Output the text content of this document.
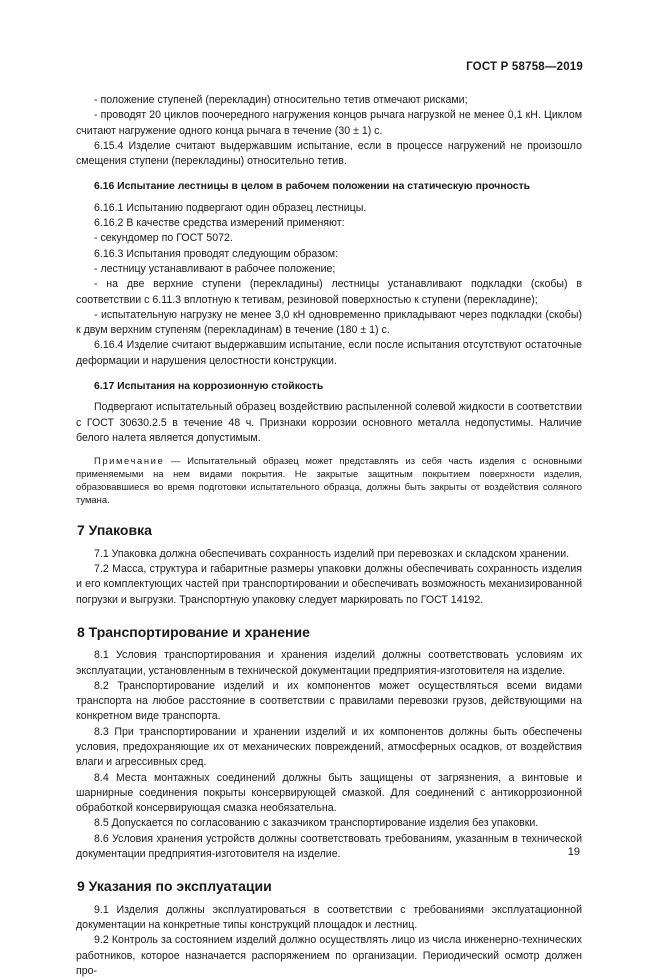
ГОСТ Р 58758—2019

- положение ступеней (перекладин) относительно тетив отмечают рисками;

- проводят 20 циклов поочередного нагружения концов рычага нагрузкой не менее 0,1 кН. Циклом считают нагружение одного конца рычага в течение (30 ± 1) с.

6.15.4 Изделие считают выдержавшим испытание, если в процессе нагружений не произошло смещения ступени (перекладины) относительно тетив.

6.16 Испытание лестницы в целом в рабочем положении на статическую прочность

6.16.1 Испытанию подвергают один образец лестницы.

6.16.2 В качестве средства измерений применяют:

- секундомер по ГОСТ 5072.

6.16.3 Испытания проводят следующим образом:

- лестницу устанавливают в рабочее положение;

- на две верхние ступени (перекладины) лестницы устанавливают подкладки (скобы) в соответствии с 6.11.3 вплотную к тетивам, резиновой поверхностью к ступени (перекладине);

- испытательную нагрузку не менее 3,0 кН одновременно прикладывают через подкладки (скобы) к двум верхним ступеням (перекладинам) в течение (180 ± 1) с.

6.16.4 Изделие считают выдержавшим испытание, если после испытания отсутствуют остаточные деформации и нарушения целостности конструкции.

6.17 Испытания на коррозионную стойкость

Подвергают испытательный образец воздействию распыленной солевой жидкости в соответствии с ГОСТ 30630.2.5 в течение 48 ч. Признаки коррозии основного металла недопустимы. Наличие белого налета является допустимым.

Примечание — Испытательный образец может представлять из себя часть изделия с основными применяемыми на нем видами покрытия. Не закрытые защитным покрытием поверхности изделия, образовавшиеся во время подготовки испытательного образца, должны быть закрыты от воздействия соляного тумана.

7 Упаковка

7.1 Упаковка должна обеспечивать сохранность изделий при перевозках и складском хранении.

7.2 Масса, структура и габаритные размеры упаковки должны обеспечивать сохранность изделия и его комплектующих частей при транспортировании и обеспечивать возможность механизированной погрузки и выгрузки. Транспортную упаковку следует маркировать по ГОСТ 14192.

8 Транспортирование и хранение

8.1 Условия транспортирования и хранения изделий должны соответствовать условиям их эксплуатации, установленным в технической документации предприятия-изготовителя на изделие.

8.2 Транспортирование изделий и их компонентов может осуществляться всеми видами транспорта на любое расстояние в соответствии с правилами перевозки грузов, действующими на конкретном виде транспорта.

8.3 При транспортировании и хранении изделий и их компонентов должны быть обеспечены условия, предохраняющие их от механических повреждений, атмосферных осадков, от воздействия влаги и агрессивных сред.

8.4 Места монтажных соединений должны быть защищены от загрязнения, а винтовые и шарнирные соединения покрыты консервирующей смазкой. Для соединений с антикоррозионной обработкой консервирующая смазка необязательна.

8.5 Допускается по согласованию с заказчиком транспортирование изделия без упаковки.

8.6 Условия хранения устройств должны соответствовать требованиям, указанным в технической документации предприятия-изготовителя на изделие.

9 Указания по эксплуатации

9.1 Изделия должны эксплуатироваться в соответствии с требованиями эксплуатационной документации на конкретные типы конструкций площадок и лестниц.

9.2 Контроль за состоянием изделий должно осуществлять лицо из числа инженерно-технических работников, которое назначается распоряжением по организации. Периодический осмотр должен про-

19
